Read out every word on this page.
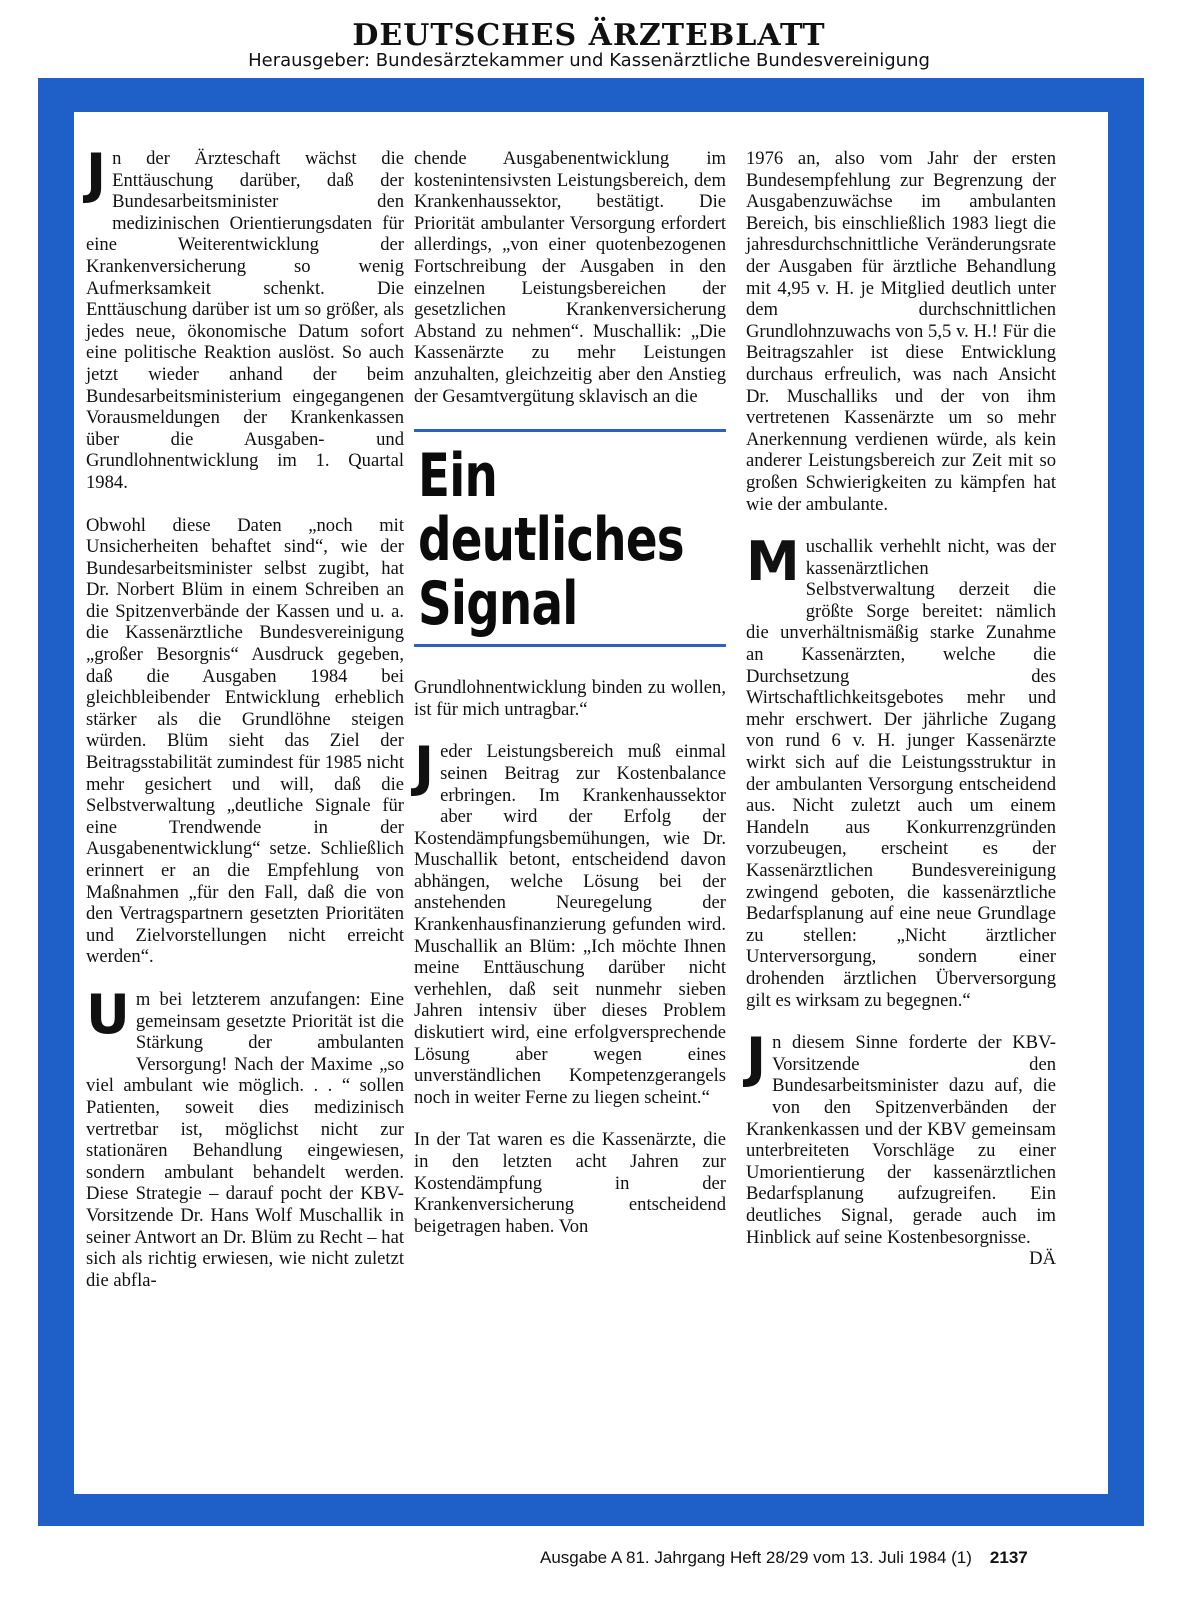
DEUTSCHES ÄRZTEBLATT
Herausgeber: Bundesärztekammer und Kassenärztliche Bundesvereinigung

Jn der Ärzteschaft wächst die Enttäuschung darüber, daß der Bundesarbeitsminister den medizinischen Orientierungsdaten für eine Weiterentwicklung der Krankenversicherung so wenig Aufmerksamkeit schenkt. Die Enttäuschung darüber ist um so größer, als jedes neue, ökonomische Datum sofort eine politische Reaktion auslöst. So auch jetzt wieder anhand der beim Bundesarbeitsministerium eingegangenen Vorausmeldungen der Krankenkassen über die Ausgaben- und Grundlohnentwicklung im 1. Quartal 1984.

Obwohl diese Daten „noch mit Unsicherheiten behaftet sind“, wie der Bundesarbeitsminister selbst zugibt, hat Dr. Norbert Blüm in einem Schreiben an die Spitzenverbände der Kassen und u. a. die Kassenärztliche Bundesvereinigung „großer Besorgnis“ Ausdruck gegeben, daß die Ausgaben 1984 bei gleichbleibender Entwicklung erheblich stärker als die Grundlöhne steigen würden. Blüm sieht das Ziel der Beitragsstabilität zumindest für 1985 nicht mehr gesichert und will, daß die Selbstverwaltung „deutliche Signale für eine Trendwende in der Ausgabenentwicklung“ setze. Schließlich erinnert er an die Empfehlung von Maßnahmen „für den Fall, daß die von den Vertragspartnern gesetzten Prioritäten und Zielvorstellungen nicht erreicht werden“.

Um bei letzterem anzufangen: Eine gemeinsam gesetzte Priorität ist die Stärkung der ambulanten Versorgung! Nach der Maxime „so viel ambulant wie möglich. . . “ sollen Patienten, soweit dies medizinisch vertretbar ist, möglichst nicht zur stationären Behandlung eingewiesen, sondern ambulant behandelt werden. Diese Strategie – darauf pocht der KBV-Vorsitzende Dr. Hans Wolf Muschallik in seiner Antwort an Dr. Blüm zu Recht – hat sich als richtig erwiesen, wie nicht zuletzt die abfla-

chende Ausgabenentwicklung im kostenintensivsten Leistungsbereich, dem Krankenhaussektor, bestätigt. Die Priorität ambulanter Versorgung erfordert allerdings, „von einer quotenbezogenen Fortschreibung der Ausgaben in den einzelnen Leistungsbereichen der gesetzlichen Krankenversicherung Abstand zu nehmen“. Muschallik: „Die Kassenärzte zu mehr Leistungen anzuhalten, gleichzeitig aber den Anstieg der Gesamtvergütung sklavisch an die

Ein
deutliches
Signal

Grundlohnentwicklung binden zu wollen, ist für mich untragbar.“

Jeder Leistungsbereich muß einmal seinen Beitrag zur Kostenbalance erbringen. Im Krankenhaussektor aber wird der Erfolg der Kostendämpfungsbemühungen, wie Dr. Muschallik betont, entscheidend davon abhängen, welche Lösung bei der anstehenden Neuregelung der Krankenhausfinanzierung gefunden wird. Muschallik an Blüm: „Ich möchte Ihnen meine Enttäuschung darüber nicht verhehlen, daß seit nunmehr sieben Jahren intensiv über dieses Problem diskutiert wird, eine erfolgversprechende Lösung aber wegen eines unverständlichen Kompetenzgerangels noch in weiter Ferne zu liegen scheint.“

In der Tat waren es die Kassenärzte, die in den letzten acht Jahren zur Kostendämpfung in der Krankenversicherung entscheidend beigetragen haben. Von

1976 an, also vom Jahr der ersten Bundesempfehlung zur Begrenzung der Ausgabenzuwächse im ambulanten Bereich, bis einschließlich 1983 liegt die jahresdurchschnittliche Veränderungsrate der Ausgaben für ärztliche Behandlung mit 4,95 v. H. je Mitglied deutlich unter dem durchschnittlichen Grundlohnzuwachs von 5,5 v. H.! Für die Beitragszahler ist diese Entwicklung durchaus erfreulich, was nach Ansicht Dr. Muschalliks und der von ihm vertretenen Kassenärzte um so mehr Anerkennung verdienen würde, als kein anderer Leistungsbereich zur Zeit mit so großen Schwierigkeiten zu kämpfen hat wie der ambulante.

Muschallik verhehlt nicht, was der kassenärztlichen Selbstverwaltung derzeit die größte Sorge bereitet: nämlich die unverhältnismäßig starke Zunahme an Kassenärzten, welche die Durchsetzung des Wirtschaftlichkeitsgebotes mehr und mehr erschwert. Der jährliche Zugang von rund 6 v. H. junger Kassenärzte wirkt sich auf die Leistungsstruktur in der ambulanten Versorgung entscheidend aus. Nicht zuletzt auch um einem Handeln aus Konkurrenzgründen vorzubeugen, erscheint es der Kassenärztlichen Bundesvereinigung zwingend geboten, die kassenärztliche Bedarfsplanung auf eine neue Grundlage zu stellen: „Nicht ärztlicher Unterversorgung, sondern einer drohenden ärztlichen Überversorgung gilt es wirksam zu begegnen.“

Jn diesem Sinne forderte der KBV-Vorsitzende den Bundesarbeitsminister dazu auf, die von den Spitzenverbänden der Krankenkassen und der KBV gemeinsam unterbreiteten Vorschläge zu einer Umorientierung der kassenärztlichen Bedarfsplanung aufzugreifen. Ein deutliches Signal, gerade auch im Hinblick auf seine Kostenbesorgnisse.
DÄ

Ausgabe A 81. Jahrgang Heft 28/29 vom 13. Juli 1984 (1) 2137
